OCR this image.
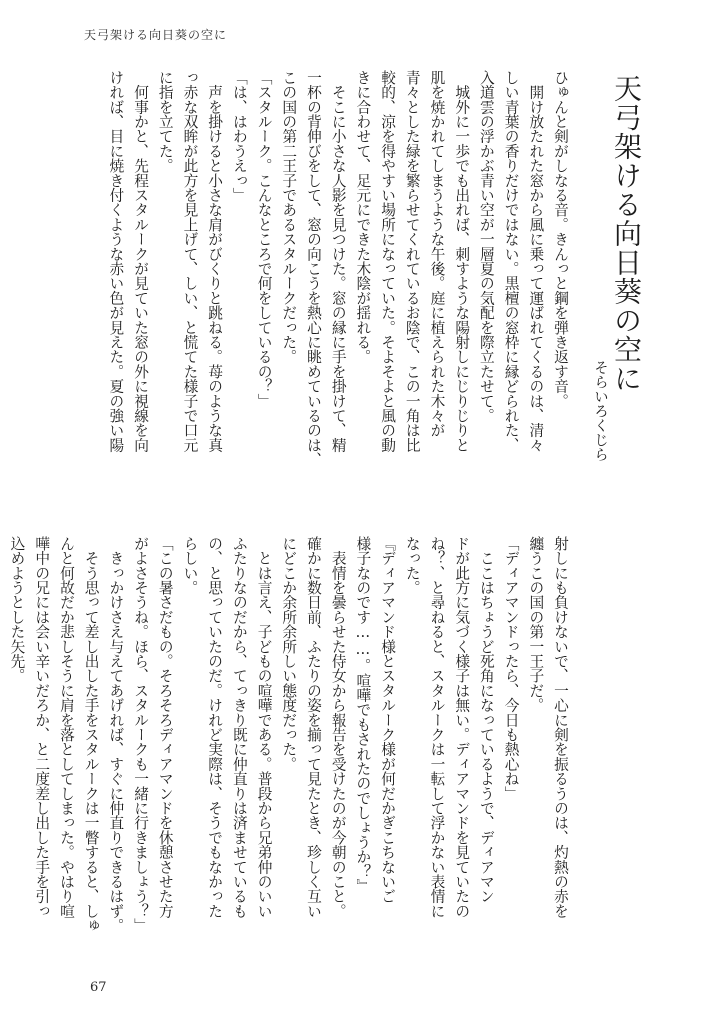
天弓架ける向日葵の空に
天弓架ける向日葵の空に
そらいろくじら
ひゅんと剣がしなる音。きんっと鋼を弾き返す音。
　開け放たれた窓から風に乗って運ばれてくるのは、清々
しい青葉の香りだけではない。黒檀の窓枠に縁どられた、
入道雲の浮かぶ青い空が一層夏の気配を際立たせて。
　城外に一歩でも出れば、刺すような陽射しにじりじりと
肌を焼かれてしまうような午後。庭に植えられた木々が
青々とした緑を繁らせてくれているお陰で、この一角は比
較的、涼を得やすい場所になっていた。そよそよと風の動
きに合わせて、足元にできた木陰が揺れる。
　そこに小さな人影を見つけた。窓の縁に手を掛けて、精
一杯の背伸びをして、窓の向こうを熱心に眺めているのは、
この国の第二王子であるスタルークだった。
「スタルーク。こんなところで何をしているの？」
「は、はわうえっ」
　声を掛けると小さな肩がびくりと跳ねる。苺のような真
っ赤な双眸が此方を見上げて、しい、と慌てた様子で口元
に指を立てた。
　何事かと、先程スタルークが見ていた窓の外に視線を向
ければ、目に焼き付くような赤い色が見えた。夏の強い陽
射しにも負けないで、一心に剣を振るうのは、灼熱の赤を
纏うこの国の第一王子だ。
「ディアマンドったら、今日も熱心ね」
　ここはちょうど死角になっているようで、ディアマン
ドが此方に気づく様子は無い。ディアマンドを見ていたの
ね？、と尋ねると、スタルークは一転して浮かない表情に
なった。
『ディアマンド様とスタルーク様が何だかぎこちないご
様子なのです……。喧嘩でもされたのでしょうか？』
　表情を曇らせた侍女から報告を受けたのが今朝のこと。
確かに数日前、ふたりの姿を揃って見たとき、珍しく互い
にどこか余所余所しい態度だった。
　とは言え、子どもの喧嘩である。普段から兄弟仲のいい
ふたりなのだから、てっきり既に仲直りは済ませているも
の、と思っていたのだ。けれど実際は、そうでもなかった
らしい。
「この暑さだもの。そろそろディアマンドを休憩させた方
がよさそうね。ほら、スタルークも一緒に行きましょう？」
　きっかけさえ与えてあげれば、すぐに仲直りできるはず。
　そう思って差し出した手をスタルークは一瞥すると、しゅ
んと何故だか悲しそうに肩を落としてしまった。やはり喧
嘩中の兄には会い辛いだろか、と二度差し出した手を引っ
込めようとした矢先。
67
